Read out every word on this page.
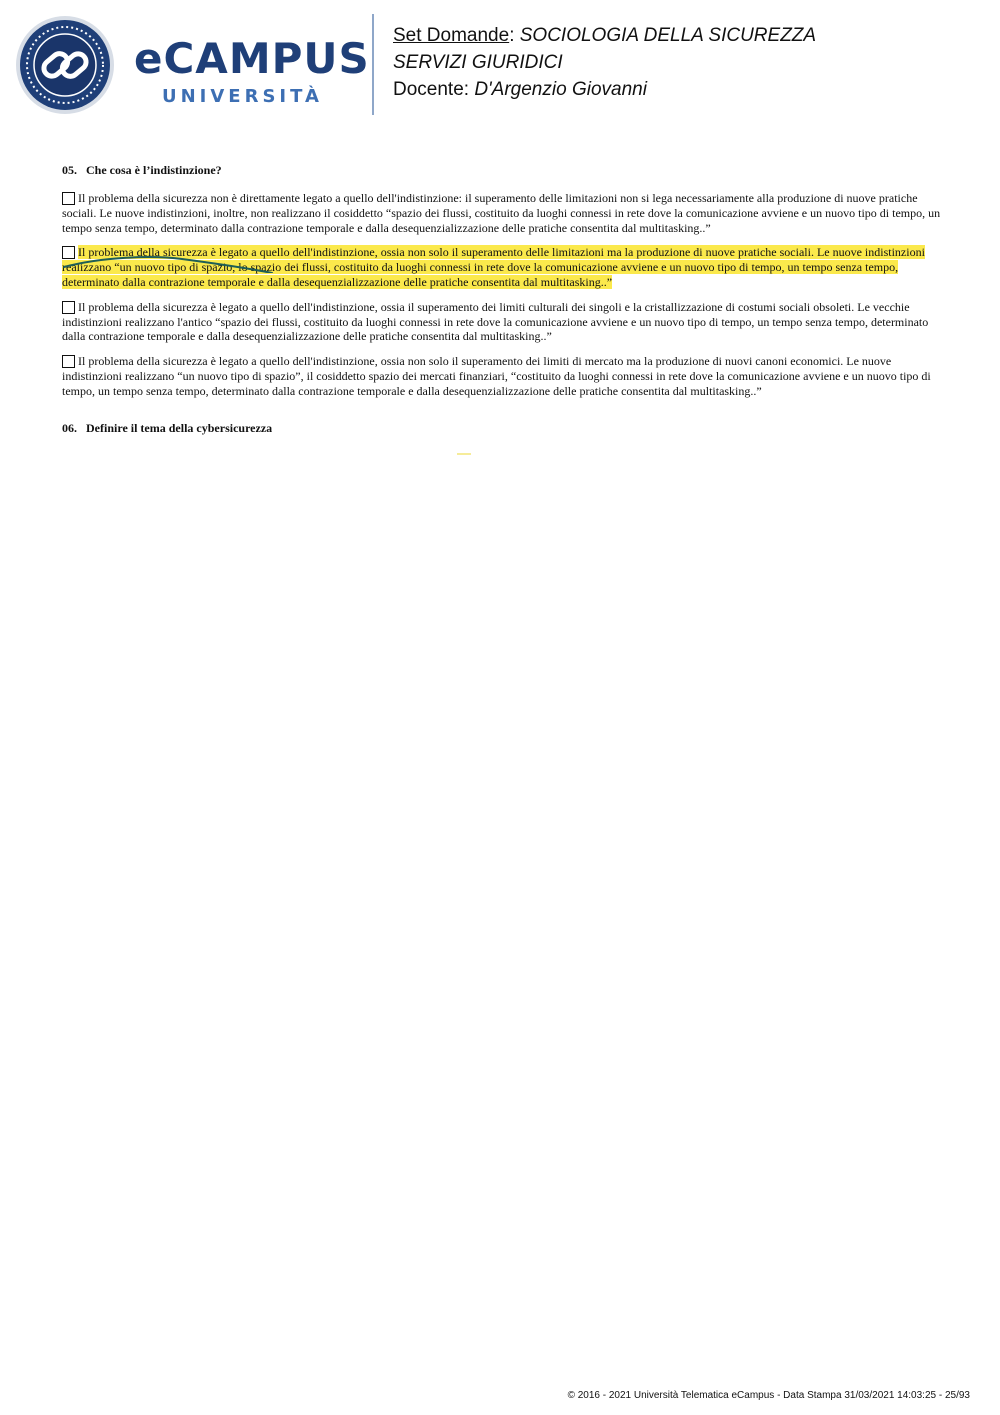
eCAMPUS
UNIVERSITÀ
Set Domande: SOCIOLOGIA DELLA SICUREZZA
SERVIZI GIURIDICI
Docente: D'Argenzio Giovanni
05. Che cosa è l’indistinzione?
Il problema della sicurezza non è direttamente legato a quello dell'indistinzione: il superamento delle limitazioni non si lega necessariamente alla produzione di nuove pratiche sociali. Le nuove indistinzioni, inoltre, non realizzano il cosiddetto “spazio dei flussi, costituito da luoghi connessi in rete dove la comunicazione avviene e un nuovo tipo di tempo, un tempo senza tempo, determinato dalla contrazione temporale e dalla desequenzializzazione delle pratiche consentita dal multitasking..”
Il problema della sicurezza è legato a quello dell'indistinzione, ossia non solo il superamento delle limitazioni ma la produzione di nuove pratiche sociali. Le nuove indistinzioni realizzano “un nuovo tipo di spazio, lo spazio dei flussi, costituito da luoghi connessi in rete dove la comunicazione avviene e un nuovo tipo di tempo, un tempo senza tempo, determinato dalla contrazione temporale e dalla desequenzializzazione delle pratiche consentita dal multitasking..”
Il problema della sicurezza è legato a quello dell'indistinzione, ossia il superamento dei limiti culturali dei singoli e la cristallizzazione di costumi sociali obsoleti. Le vecchie indistinzioni realizzano l'antico “spazio dei flussi, costituito da luoghi connessi in rete dove la comunicazione avviene e un nuovo tipo di tempo, un tempo senza tempo, determinato dalla contrazione temporale e dalla desequenzializzazione delle pratiche consentita dal multitasking..”
Il problema della sicurezza è legato a quello dell'indistinzione, ossia non solo il superamento dei limiti di mercato ma la produzione di nuovi canoni economici. Le nuove indistinzioni realizzano “un nuovo tipo di spazio”, il cosiddetto spazio dei mercati finanziari, “costituito da luoghi connessi in rete dove la comunicazione avviene e un nuovo tipo di tempo, un tempo senza tempo, determinato dalla contrazione temporale e dalla desequenzializzazione delle pratiche consentita dal multitasking..”
06. Definire il tema della cybersicurezza
© 2016 - 2021 Università Telematica eCampus - Data Stampa 31/03/2021 14:03:25 - 25/93
